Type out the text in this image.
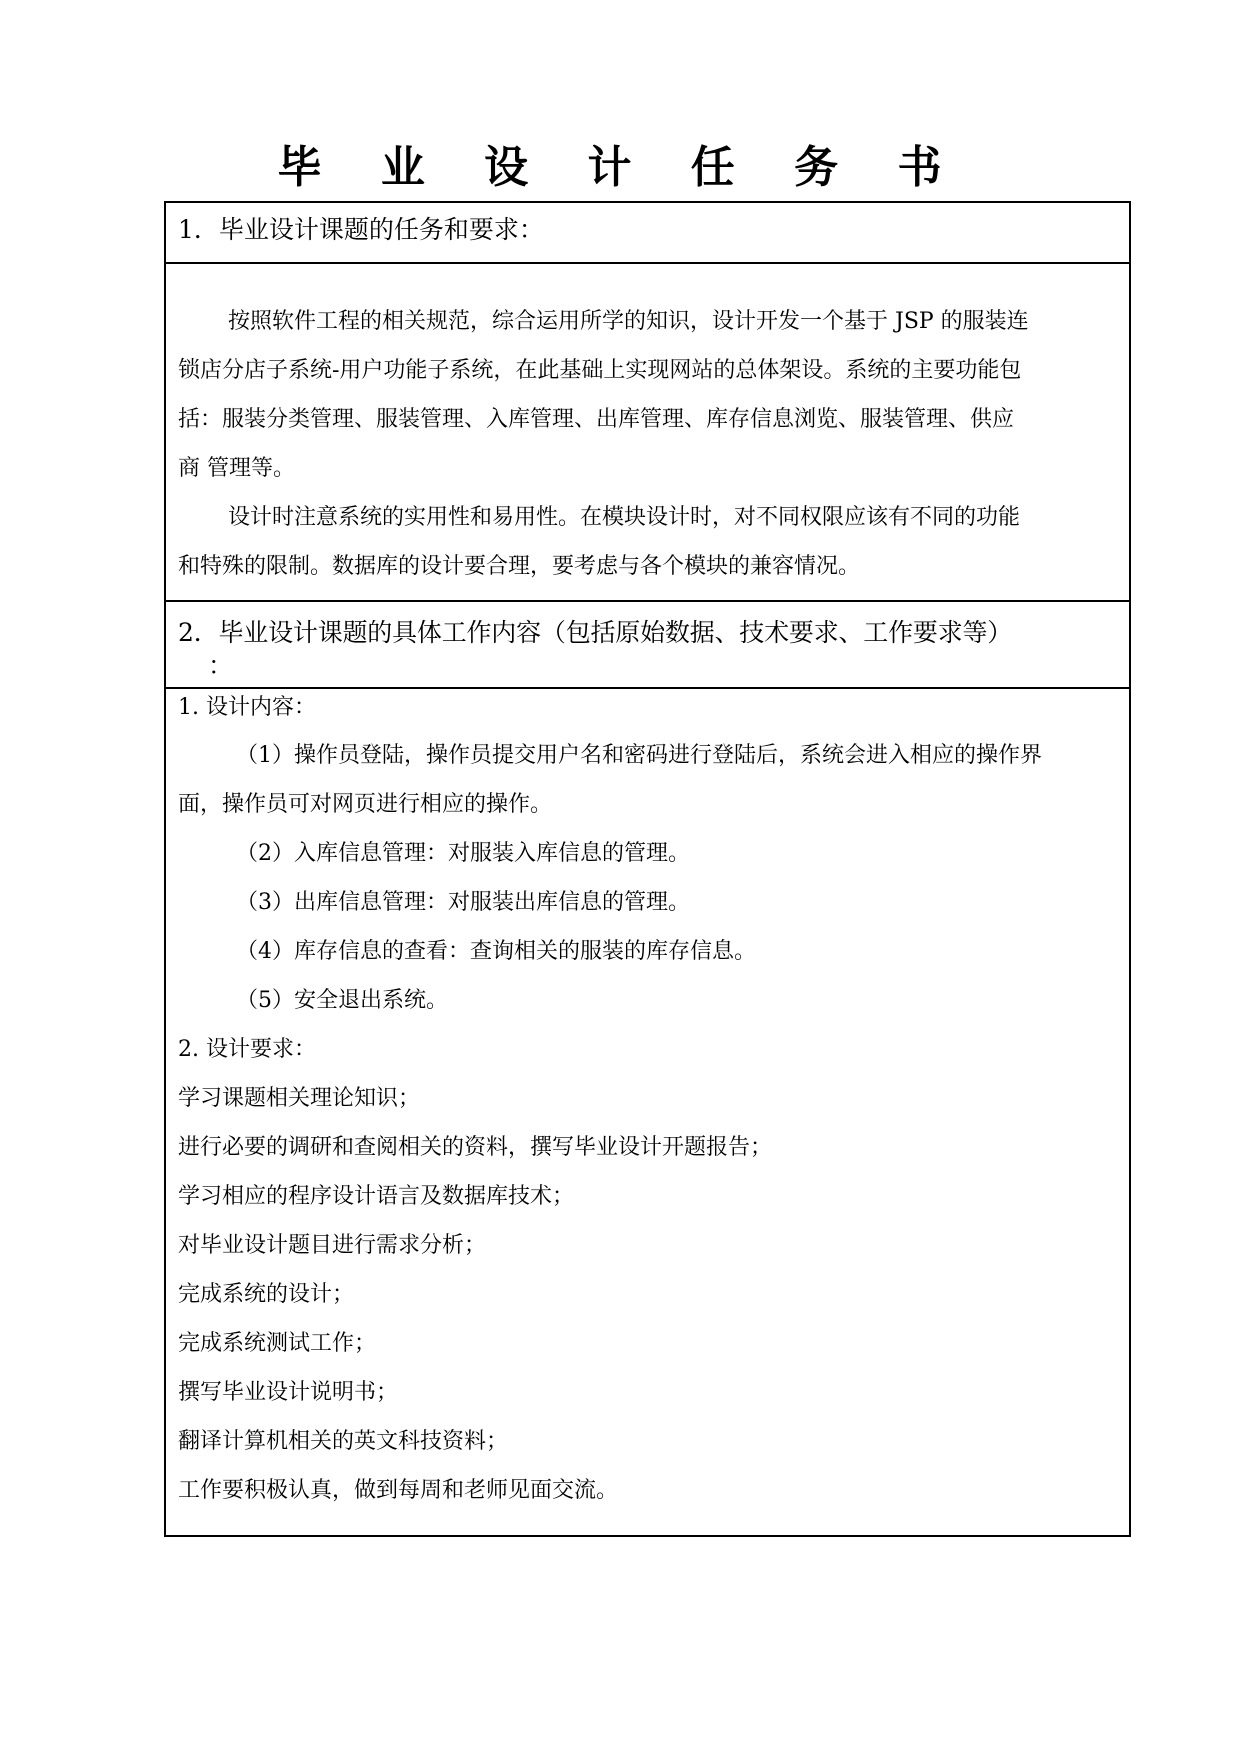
毕 业 设 计 任 务 书
1．毕业设计课题的任务和要求：
按照软件工程的相关规范，综合运用所学的知识，设计开发一个基于 JSP 的服装连
锁店分店子系统-用户功能子系统，在此基础上实现网站的总体架设。系统的主要功能包
括：服装分类管理、服装管理、入库管理、出库管理、库存信息浏览、服装管理、供应
商 管理等。
设计时注意系统的实用性和易用性。在模块设计时，对不同权限应该有不同的功能
和特殊的限制。数据库的设计要合理，要考虑与各个模块的兼容情况。
2．毕业设计课题的具体工作内容（包括原始数据、技术要求、工作要求等）
：
1. 设计内容：
（1）操作员登陆，操作员提交用户名和密码进行登陆后，系统会进入相应的操作界
面，操作员可对网页进行相应的操作。
（2）入库信息管理：对服装入库信息的管理。
（3）出库信息管理：对服装出库信息的管理。
（4）库存信息的查看：查询相关的服装的库存信息。
（5）安全退出系统。
2. 设计要求：
学习课题相关理论知识；
进行必要的调研和查阅相关的资料，撰写毕业设计开题报告；
学习相应的程序设计语言及数据库技术；
对毕业设计题目进行需求分析；
完成系统的设计；
完成系统测试工作；
撰写毕业设计说明书；
翻译计算机相关的英文科技资料；
工作要积极认真，做到每周和老师见面交流。
